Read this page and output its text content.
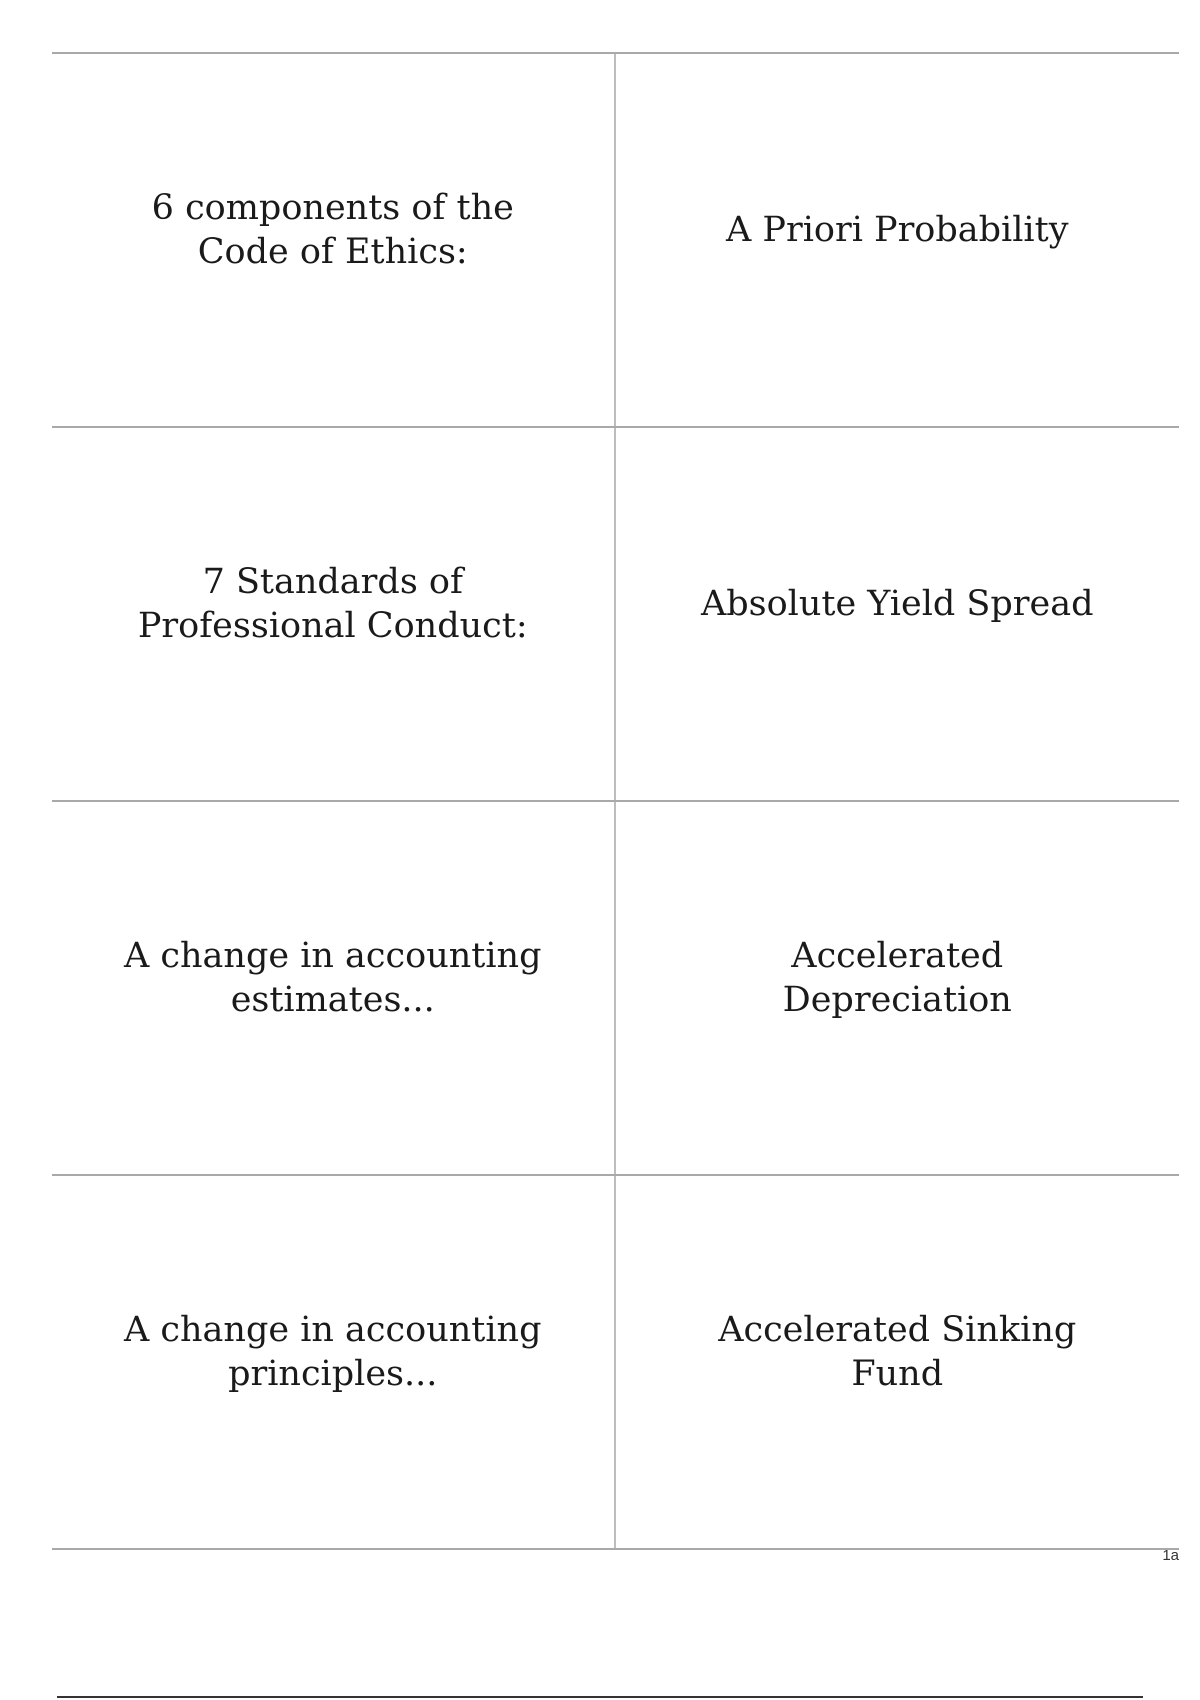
6 components of the Code of Ethics:
A Priori Probability
7 Standards of Professional Conduct:
Absolute Yield Spread
A change in accounting estimates...
Accelerated Depreciation
A change in accounting principles...
Accelerated Sinking Fund
1a
